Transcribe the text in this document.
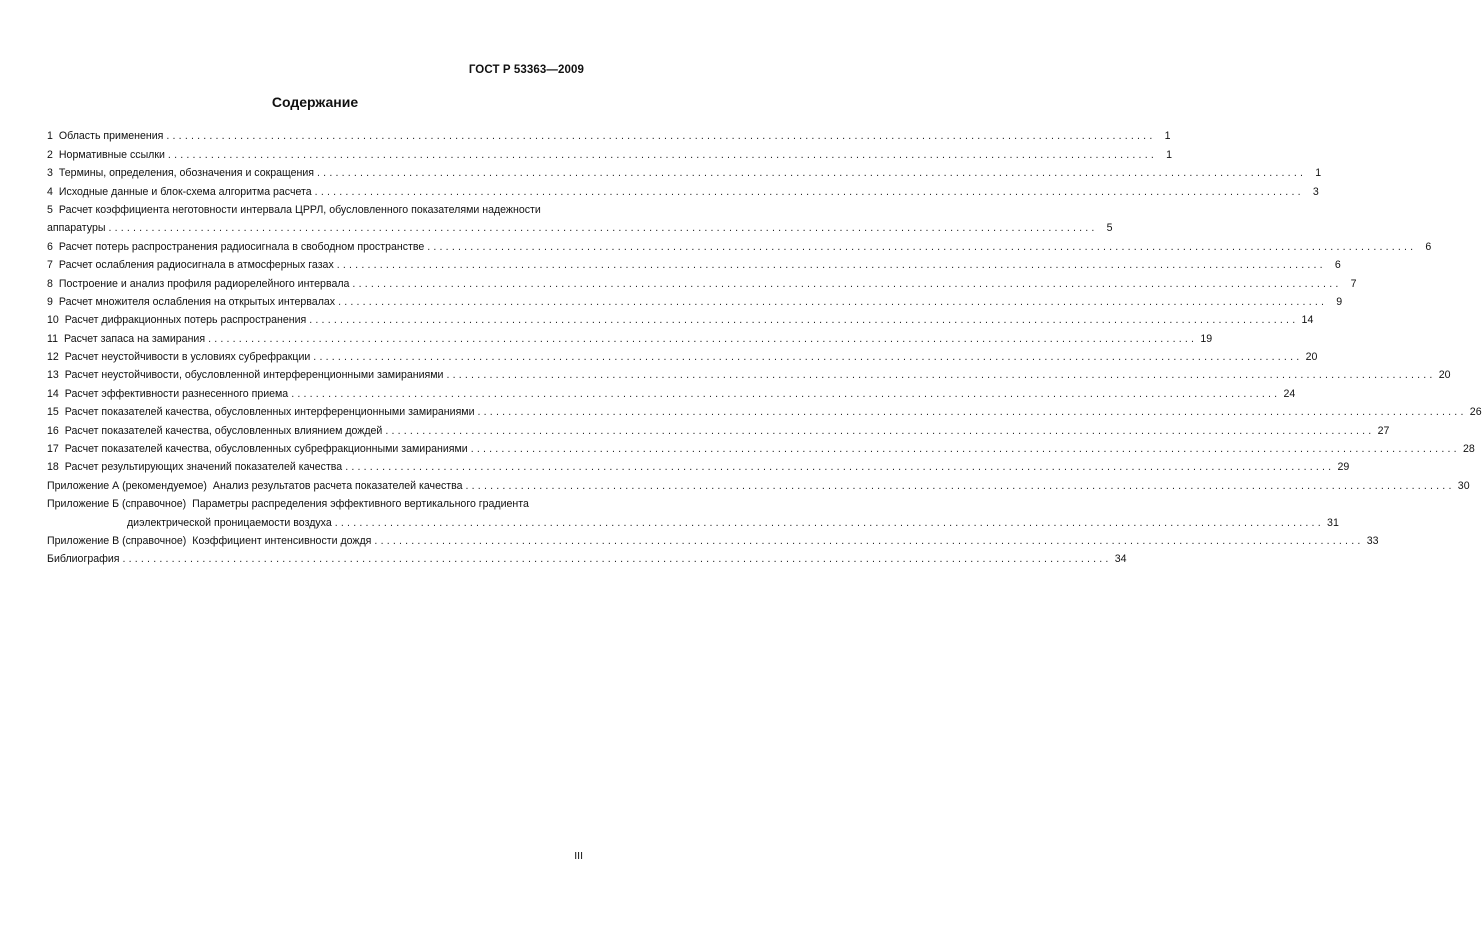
ГОСТ Р 53363—2009
Содержание
1 Область применения ................................................................................................................................................................. 1
2 Нормативные ссылки ................................................................................................................................................................. 1
3 Термины, определения, обозначения и сокращения ................................................................................................................................................................. 1
4 Исходные данные и блок-схема алгоритма расчета ................................................................................................................................................................. 3
5 Расчет коэффициента неготовности интервала ЦРРЛ, обусловленного показателями надежности
аппаратуры ................................................................................................................................................................. 5
6 Расчет потерь распространения радиосигнала в свободном пространстве ................................................................................................................................................................. 6
7 Расчет ослабления радиосигнала в атмосферных газах ................................................................................................................................................................. 6
8 Построение и анализ профиля радиорелейного интервала ................................................................................................................................................................. 7
9 Расчет множителя ослабления на открытых интервалах ................................................................................................................................................................. 9
10 Расчет дифракционных потерь распространения ................................................................................................................................................................. 14
11 Расчет запаса на замирания ................................................................................................................................................................. 19
12 Расчет неустойчивости в условиях субрефракции ................................................................................................................................................................. 20
13 Расчет неустойчивости, обусловленной интерференционными замираниями ................................................................................................................................................................. 20
14 Расчет эффективности разнесенного приема ................................................................................................................................................................. 24
15 Расчет показателей качества, обусловленных интерференционными замираниями ................................................................................................................................................................. 26
16 Расчет показателей качества, обусловленных влиянием дождей ................................................................................................................................................................. 27
17 Расчет показателей качества, обусловленных субрефракционными замираниями ................................................................................................................................................................. 28
18 Расчет результирующих значений показателей качества ................................................................................................................................................................. 29
Приложение А (рекомендуемое) Анализ результатов расчета показателей качества ................................................................................................................................................................. 30
Приложение Б (справочное) Параметры распределения эффективного вертикального градиента
диэлектрической проницаемости воздуха ................................................................................................................................................................. 31
Приложение В (справочное) Коэффициент интенсивности дождя ................................................................................................................................................................. 33
Библиография ................................................................................................................................................................. 34
III
